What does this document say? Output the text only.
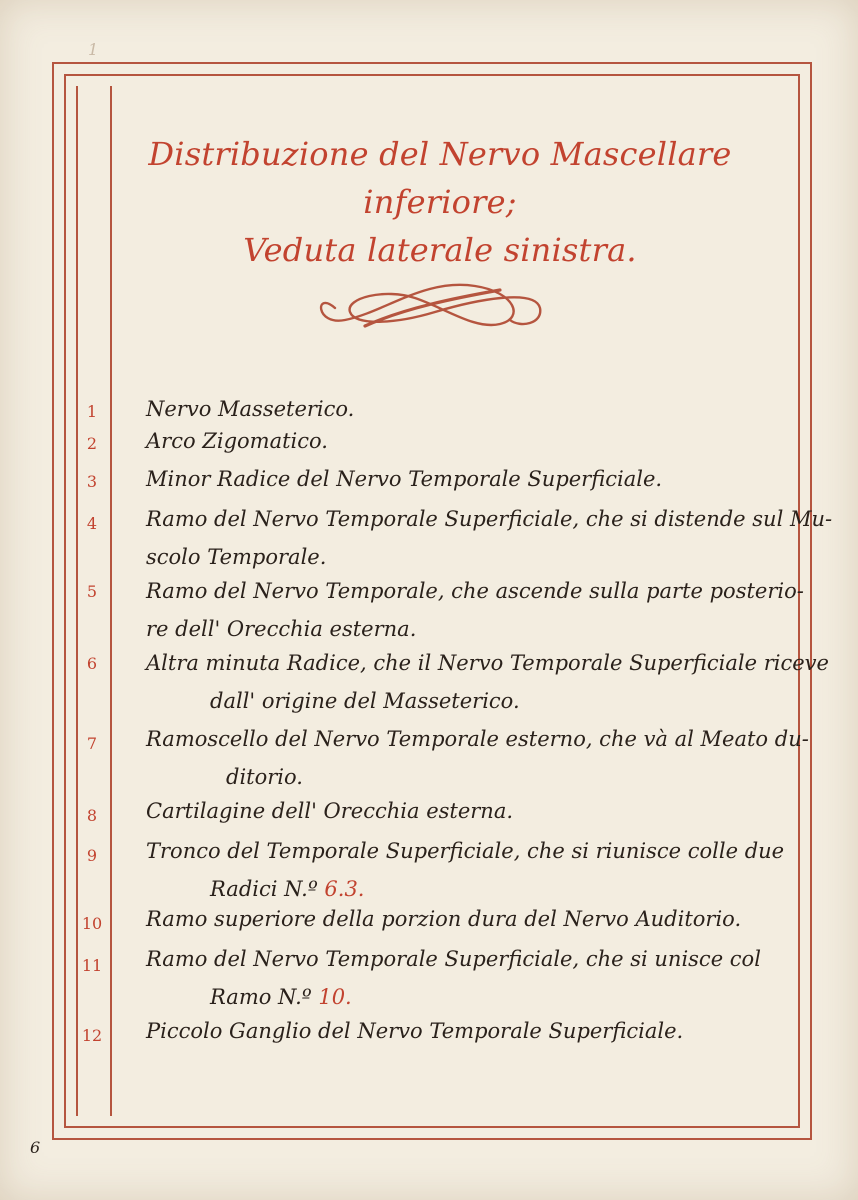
1
Distribuzione del Nervo Mascellare inferiore;
Veduta laterale sinistra.
1	Nervo Masseterico.
2	Arco Zigomatico.
3	Minor Radice del Nervo Temporale Superficiale.
4	Ramo del Nervo Temporale Superficiale, che si distende sul Mu-
scolo Temporale.
5	Ramo del Nervo Temporale, che ascende sulla parte posterio-
re dell' Orecchia esterna.
6	Altra minuta Radice, che il Nervo Temporale Superficiale riceve
dall' origine del Masseterico.
7	Ramoscello del Nervo Temporale esterno, che và al Meato du-
ditorio.
8	Cartilagine dell' Orecchia esterna.
9	Tronco del Temporale Superficiale, che si riunisce colle due
Radici N.º 6.3.
10	Ramo superiore della porzion dura del Nervo Auditorio.
11	Ramo del Nervo Temporale Superficiale, che si unisce col
Ramo N.º 10.
12	Piccolo Ganglio del Nervo Temporale Superficiale.
6
